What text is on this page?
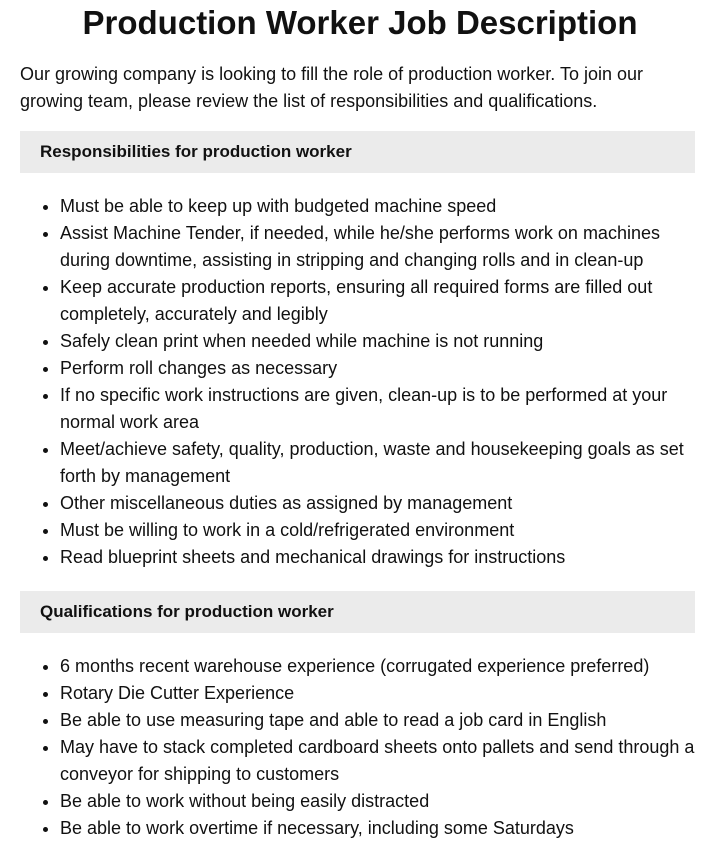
Production Worker Job Description

Our growing company is looking to fill the role of production worker. To join our growing team, please review the list of responsibilities and qualifications.

Responsibilities for production worker
• Must be able to keep up with budgeted machine speed
• Assist Machine Tender, if needed, while he/she performs work on machines during downtime, assisting in stripping and changing rolls and in clean-up
• Keep accurate production reports, ensuring all required forms are filled out completely, accurately and legibly
• Safely clean print when needed while machine is not running
• Perform roll changes as necessary
• If no specific work instructions are given, clean-up is to be performed at your normal work area
• Meet/achieve safety, quality, production, waste and housekeeping goals as set forth by management
• Other miscellaneous duties as assigned by management
• Must be willing to work in a cold/refrigerated environment
• Read blueprint sheets and mechanical drawings for instructions
Qualifications for production worker
• 6 months recent warehouse experience (corrugated experience preferred)
• Rotary Die Cutter Experience
• Be able to use measuring tape and able to read a job card in English
• May have to stack completed cardboard sheets onto pallets and send through a conveyor for shipping to customers
• Be able to work without being easily distracted
• Be able to work overtime if necessary, including some Saturdays
